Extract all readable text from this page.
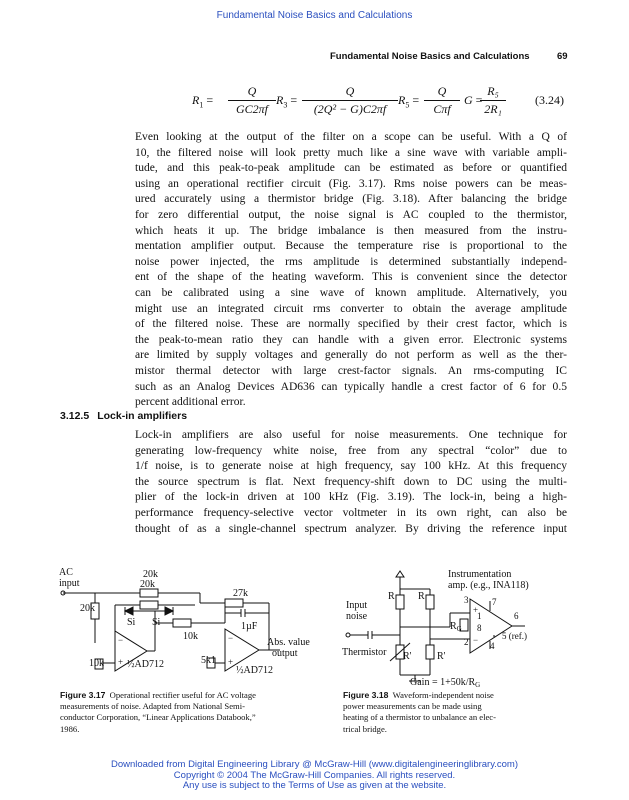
Fundamental Noise Basics and Calculations
Fundamental Noise Basics and Calculations	69
$R_1 = \frac{Q}{GC2\pi f} R_3 = \frac{Q}{\text{(2Q² − G)C2πf}} R_5$ =
Q
Cπf
G =
$\frac{\text{R₅}}{\text{2R₁}} (3.24)$
Even looking at the output of the filter on a scope can be useful. With a Q of
10, the filtered noise will look pretty much like a sine wave with variable ampli-
tude, and this peak-to-peak amplitude can be estimated as before or quantified
using an operational rectifier circuit (Fig. 3.17). Rms noise powers can be meas-
ured accurately using a thermistor bridge (Fig. 3.18). After balancing the bridge
for zero differential output, the noise signal is AC coupled to the thermistor,
which heats it up. The bridge imbalance is then measured from the instru-
mentation amplifier output. Because the temperature rise is proportional to the
noise power injected, the rms amplitude is determined substantially independ-
ent of the shape of the heating waveform. This is convenient since the detector
can be calibrated using a sine wave of known amplitude. Alternatively, you
might use an integrated circuit rms converter to obtain the average amplitude
of the filtered noise. These are normally specified by their crest factor, which is
the peak-to-mean ratio they can handle with a given error. Electronic systems
are limited by supply voltages and generally do not perform as well as the ther-
mistor thermal detector with large crest-factor signals. An rms-computing IC
such as an Analog Devices AD636 can typically handle a crest factor of 6 for 0.5
percent additional error.
3.12.5 Lock-in amplifiers
Lock-in amplifiers are also useful for noise measurements. One technique for
generating low-frequency white noise, free from any spectral “color” due to
1/f noise, is to generate noise at high frequency, say 100 kHz. At this frequency
the source spectrum is flat. Next frequency-shift down to DC using the multi-
plier of the lock-in driven at 100 kHz (Fig. 3.19). The lock-in, being a high-
performance frequency-selective vector voltmeter in its own right, can also be
thought of as a single-channel spectrum analyzer. By driving the reference input
AC
input
20k
20k
20k
Si Si
10k
27k
1µF
10k	5k1
½AD712
½AD712
Abs. value
output
−
+
−
+
Figure 3.17 Operational rectifier useful for AC voltage
measurements of noise. Adapted from National Semi-
conductor Corporation, “Linear Applications Databook,”
1986.
Instrumentation
amp. (e.g., INA118)
R R
Input
noise
$R_G$
Thermistor R'	R'
3	7
1
8
6
2 4
5 (ref.)
+
−
Gain = $1+50k/R_G$
Figure 3.18 Waveform-independent noise
power measurements can be made using
heating of a thermistor to unbalance an elec-
trical bridge.
Downloaded from Digital Engineering Library @ McGraw-Hill (www.digitalengineeringlibrary.com)
Copyright © 2004 The McGraw-Hill Companies. All rights reserved.
Any use is subject to the Terms of Use as given at the website.
